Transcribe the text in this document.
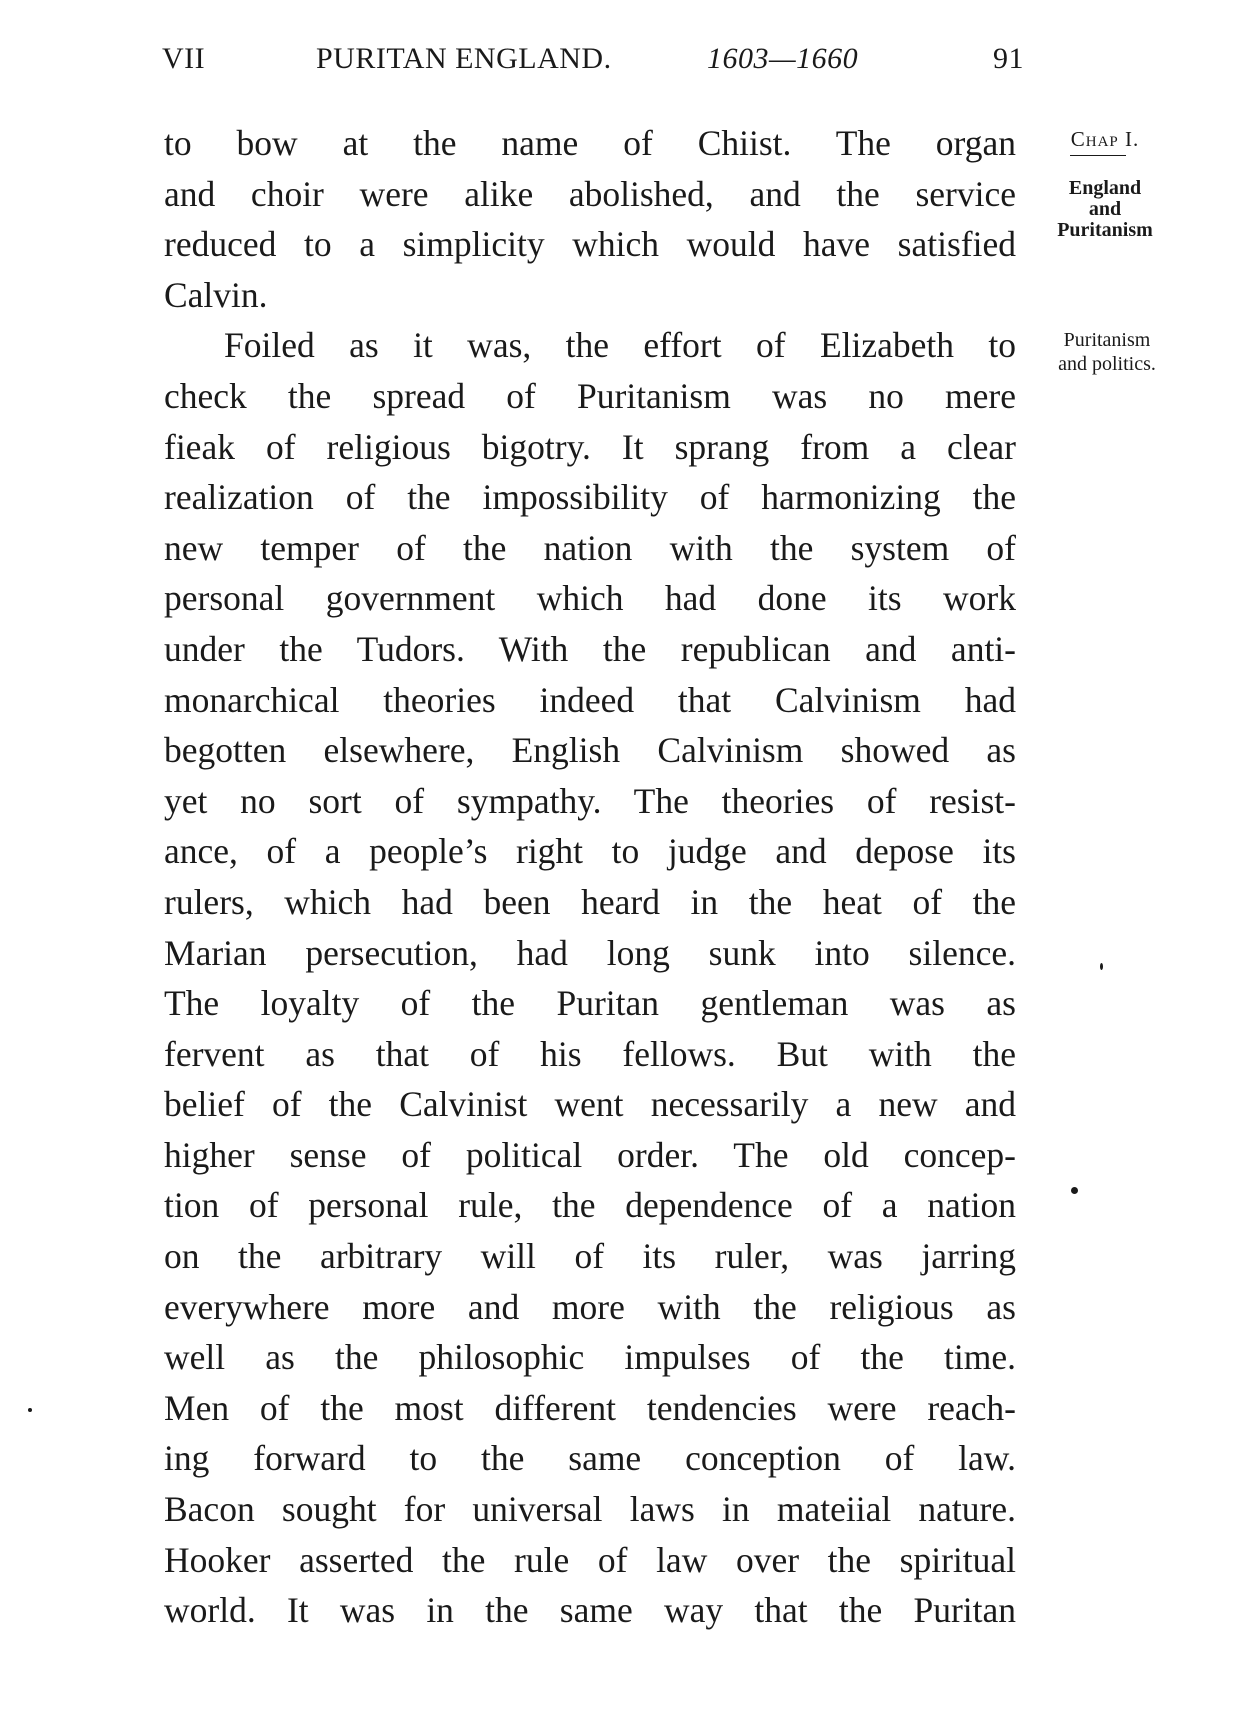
VII	PURITAN ENGLAND.	1603—1660	91
to bow at the name of Chiist. The organ
and choir were alike abolished, and the service
reduced to a simplicity which would have satisfied
Calvin.
Foiled as it was, the effort of Elizabeth to
check the spread of Puritanism was no mere
fieak of religious bigotry. It sprang from a clear
realization of the impossibility of harmonizing the
new temper of the nation with the system of
personal government which had done its work
under the Tudors. With the republican and anti-
monarchical theories indeed that Calvinism had
begotten elsewhere, English Calvinism showed as
yet no sort of sympathy. The theories of resist-
ance, of a people’s right to judge and depose its
rulers, which had been heard in the heat of the
Marian persecution, had long sunk into silence.
The loyalty of the Puritan gentleman was as
fervent as that of his fellows. But with the
belief of the Calvinist went necessarily a new and
higher sense of political order. The old concep-
tion of personal rule, the dependence of a nation
on the arbitrary will of its ruler, was jarring
everywhere more and more with the religious as
well as the philosophic impulses of the time.
Men of the most different tendencies were reach-
ing forward to the same conception of law.
Bacon sought for universal laws in mateiial nature.
Hooker asserted the rule of law over the spiritual
world. It was in the same way that the Puritan
Chap I.
England
and
Puritanism
Puritanism
and politics.
